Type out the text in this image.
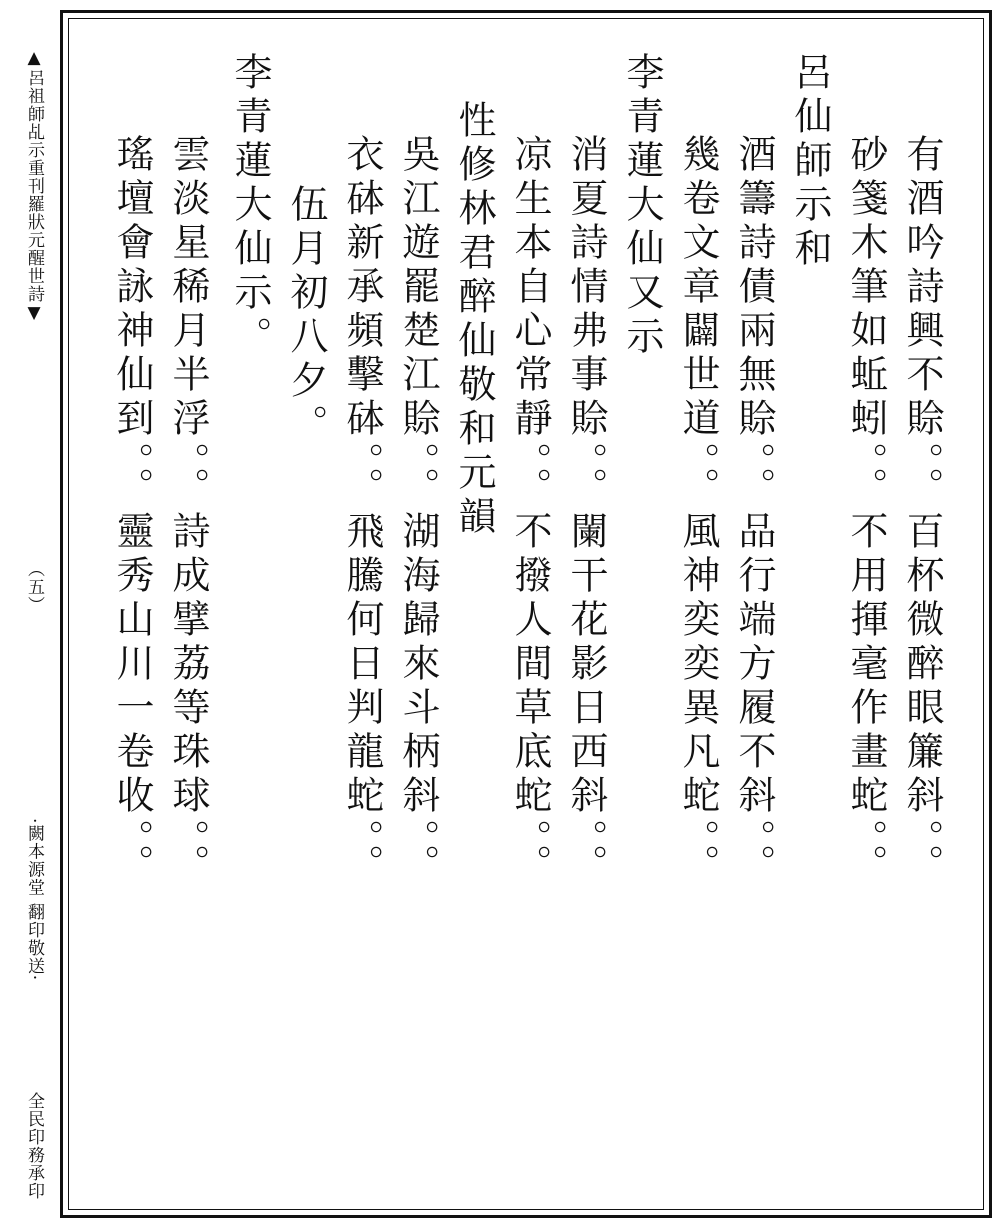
▲呂祖師乩示重刊羅狀元醒世詩▼
（五）
·闕本源堂 翻印敬送·
全民印務承印
有酒吟詩興不賒。。百杯微醉眼簾斜。。
砂箋木筆如蚯蚓。。不用揮毫作畫蛇。。
呂仙師示和
酒籌詩債兩無賒。。品行端方履不斜。。
幾卷文章闢世道。。風神奕奕異凡蛇。。
李青蓮大仙又示
消夏詩情弗事賒。。闌干花影日西斜。。
凉生本自心常靜。。不撥人間草底蛇。。
性修林君醉仙敬和元韻
吳江遊罷楚江賒。。湖海歸來斗柄斜。。
衣砵新承頻擊砵。。飛騰何日判龍蛇。。
伍月初八夕。
李青蓮大仙示。
雲淡星稀月半浮。。詩成擘荔等珠球。。
瑤壇會詠神仙到。。靈秀山川一卷收。。
